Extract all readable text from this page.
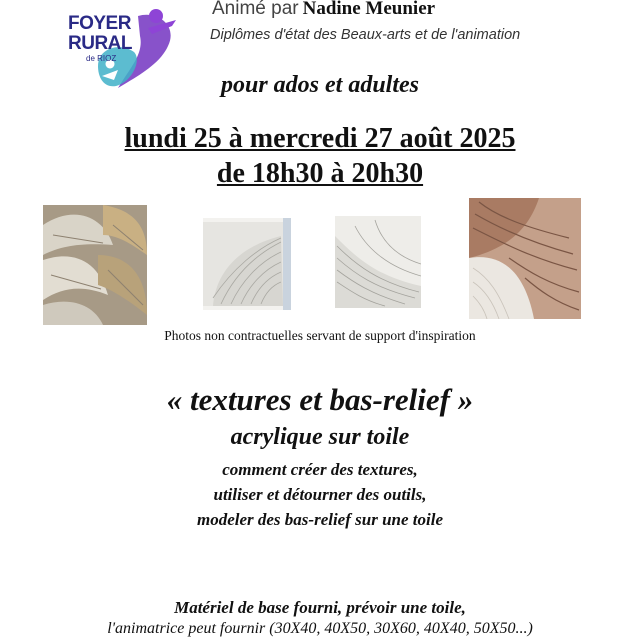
FOYER
RURAL
de RIOZ
Animé par Nadine Meunier
Diplômes d'état des Beaux-arts et de l'animation
pour ados et adultes
lundi 25 à mercredi 27 août 2025
de 18h30 à 20h30
Photos non contractuelles servant de support d'inspiration
« textures et bas-relief »
acrylique sur toile
comment créer des textures,
utiliser et détourner des outils,
modeler des bas-relief sur une toile
Matériel de base fourni, prévoir une toile,
l'animatrice peut fournir (30X40, 40X50, 30X60, 40X40, 50X50...)
